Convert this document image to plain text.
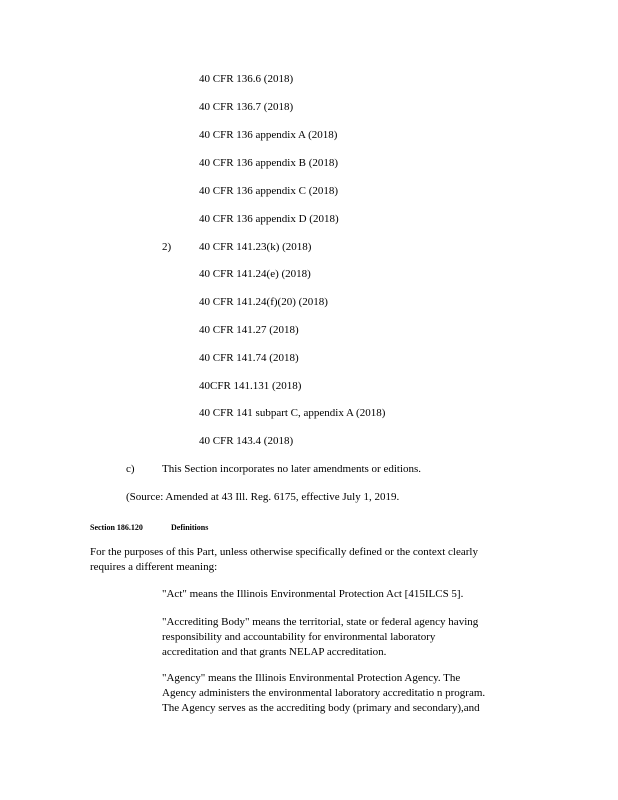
40 CFR 136.6 (2018)
40 CFR 136.7 (2018)
40 CFR 136 appendix A (2018)
40 CFR 136 appendix B (2018)
40 CFR 136 appendix C (2018)
40 CFR 136 appendix D (2018)
2)	40 CFR 141.23(k) (2018)
40 CFR 141.24(e) (2018)
40 CFR 141.24(f)(20) (2018)
40 CFR 141.27 (2018)
40 CFR 141.74 (2018)
40CFR 141.131 (2018)
40 CFR 141 subpart C, appendix A (2018)
40 CFR 143.4 (2018)
c) This Section incorporates no later amendments or editions.
(Source: Amended at 43 Ill. Reg. 6175, effective July 1, 2019.
Section 186.120	Definitions
For the purposes of this Part, unless otherwise specifically defined or the context clearly
requires a different meaning:
"Act" means the Illinois Environmental Protection Act [415ILCS 5].
"Accrediting Body" means the territorial, state or federal agency having
responsibility and accountability for environmental laboratory
accreditation and that grants NELAP accreditation.
"Agency" means the Illinois Environmental Protection Agency. The
Agency administers the environmental laboratory accreditatio n program.
The Agency serves as the accrediting body (primary and secondary),and
